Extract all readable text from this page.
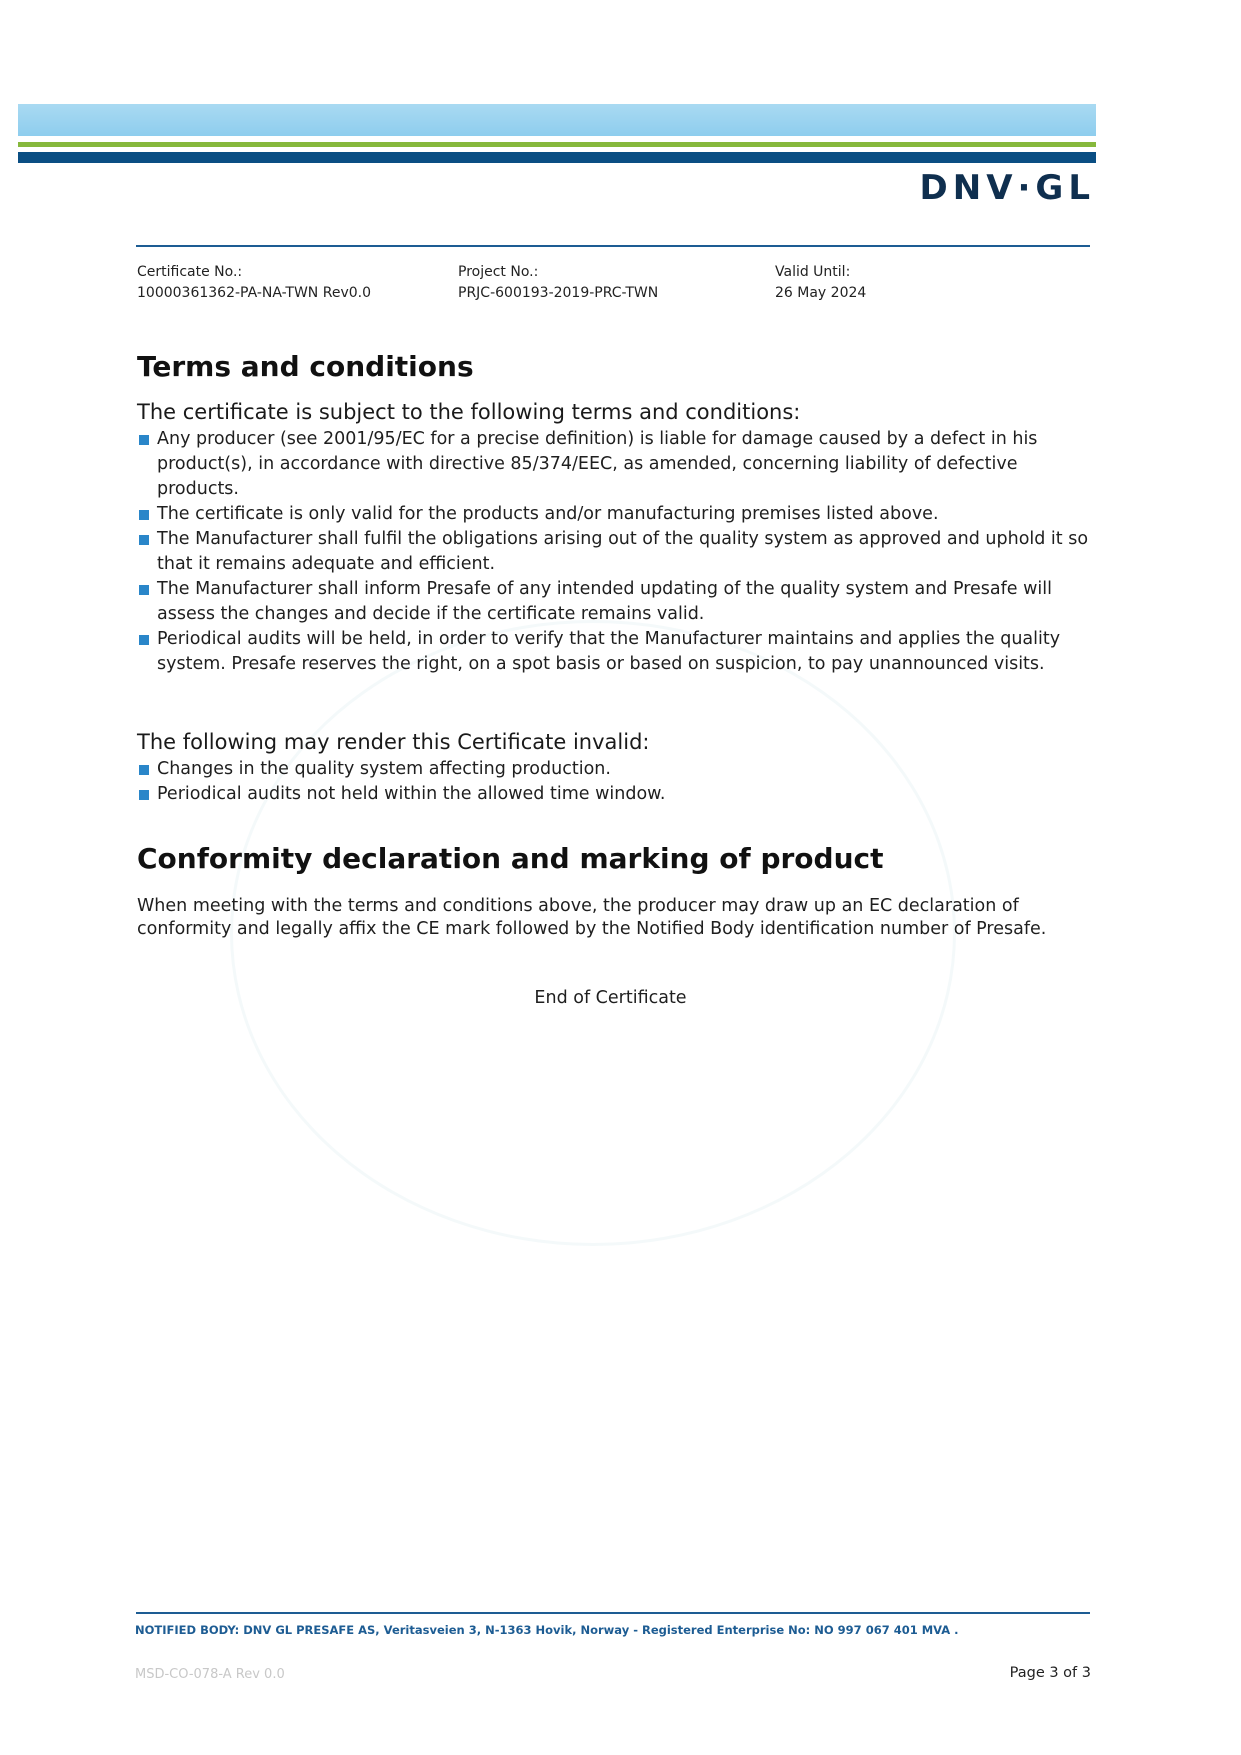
DNV·GL
Certificate No.:
10000361362-PA-NA-TWN Rev0.0
Project No.:
PRJC-600193-2019-PRC-TWN
Valid Until:
26 May 2024
Terms and conditions

The certificate is subject to the following terms and conditions:

Any producer (see 2001/95/EC for a precise definition) is liable for damage caused by a defect in his product(s), in accordance with directive 85/374/EEC, as amended, concerning liability of defective products.
The certificate is only valid for the products and/or manufacturing premises listed above.
The Manufacturer shall fulfil the obligations arising out of the quality system as approved and uphold it so that it remains adequate and efficient.
The Manufacturer shall inform Presafe of any intended updating of the quality system and Presafe will assess the changes and decide if the certificate remains valid.
Periodical audits will be held, in order to verify that the Manufacturer maintains and applies the quality system. Presafe reserves the right, on a spot basis or based on suspicion, to pay unannounced visits.

The following may render this Certificate invalid:

Changes in the quality system affecting production.
Periodical audits not held within the allowed time window.
Conformity declaration and marking of product

When meeting with the terms and conditions above, the producer may draw up an EC declaration of conformity and legally affix the CE mark followed by the Notified Body identification number of Presafe.

End of Certificate
NOTIFIED BODY: DNV GL PRESAFE AS, Veritasveien 3, N-1363 Hovik, Norway - Registered Enterprise No: NO 997 067 401 MVA .
MSD-CO-078-A Rev 0.0	Page 3 of 3
